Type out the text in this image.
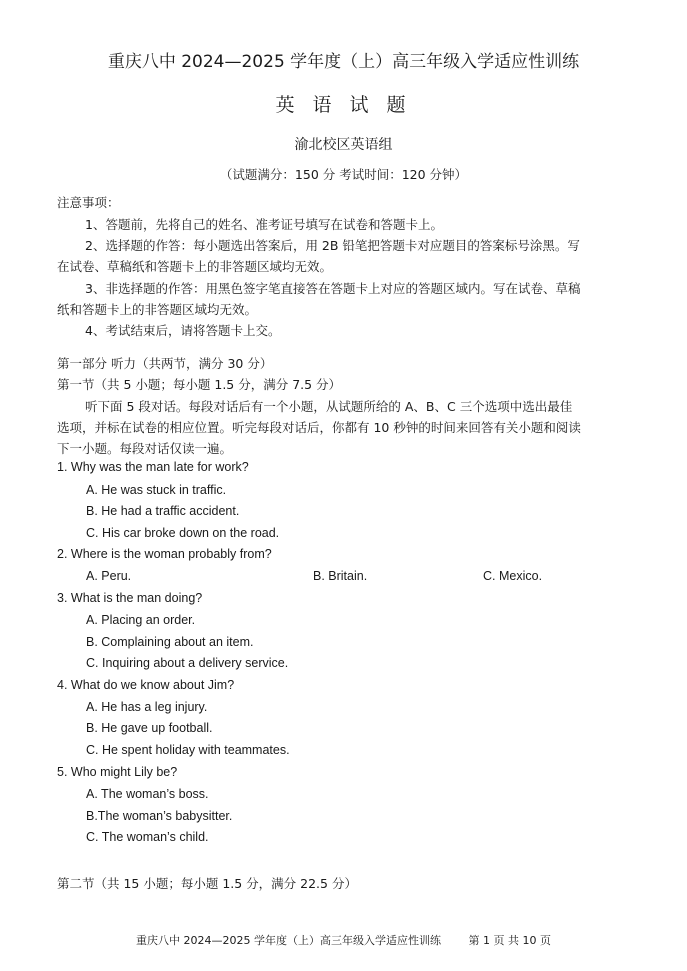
重庆八中 2024—2025 学年度（上）高三年级入学适应性训练
英 语 试 题
渝北校区英语组
（试题满分：150 分 考试时间：120 分钟）
注意事项：
1、答题前，先将自己的姓名、准考证号填写在试卷和答题卡上。
2、选择题的作答：每小题选出答案后，用 2B 铅笔把答题卡对应题目的答案标号涂黑。写
在试卷、草稿纸和答题卡上的非答题区域均无效。
3、非选择题的作答：用黑色签字笔直接答在答题卡上对应的答题区域内。写在试卷、草稿
纸和答题卡上的非答题区域均无效。
4、考试结束后，请将答题卡上交。
第一部分 听力（共两节，满分 30 分）
第一节（共 5 小题；每小题 1.5 分，满分 7.5 分）
听下面 5 段对话。每段对话后有一个小题，从试题所给的 A、B、C 三个选项中选出最佳
选项，并标在试卷的相应位置。听完每段对话后，你都有 10 秒钟的时间来回答有关小题和阅读
下一小题。每段对话仅读一遍。
1. Why was the man late for work?
A. He was stuck in traffic.
B. He had a traffic accident.
C. His car broke down on the road.
2. Where is the woman probably from?
A. Peru.	B. Britain.	C. Mexico.
3. What is the man doing?
A. Placing an order.
B. Complaining about an item.
C. Inquiring about a delivery service.
4. What do we know about Jim?
A. He has a leg injury.
B. He gave up football.
C. He spent holiday with teammates.
5. Who might Lily be?
A. The woman’s boss.
B.The woman’s babysitter.
C. The woman’s child.
第二节（共 15 小题；每小题 1.5 分，满分 22.5 分）
重庆八中 2024—2025 学年度（上）高三年级入学适应性训练	第 1 页 共 10 页
